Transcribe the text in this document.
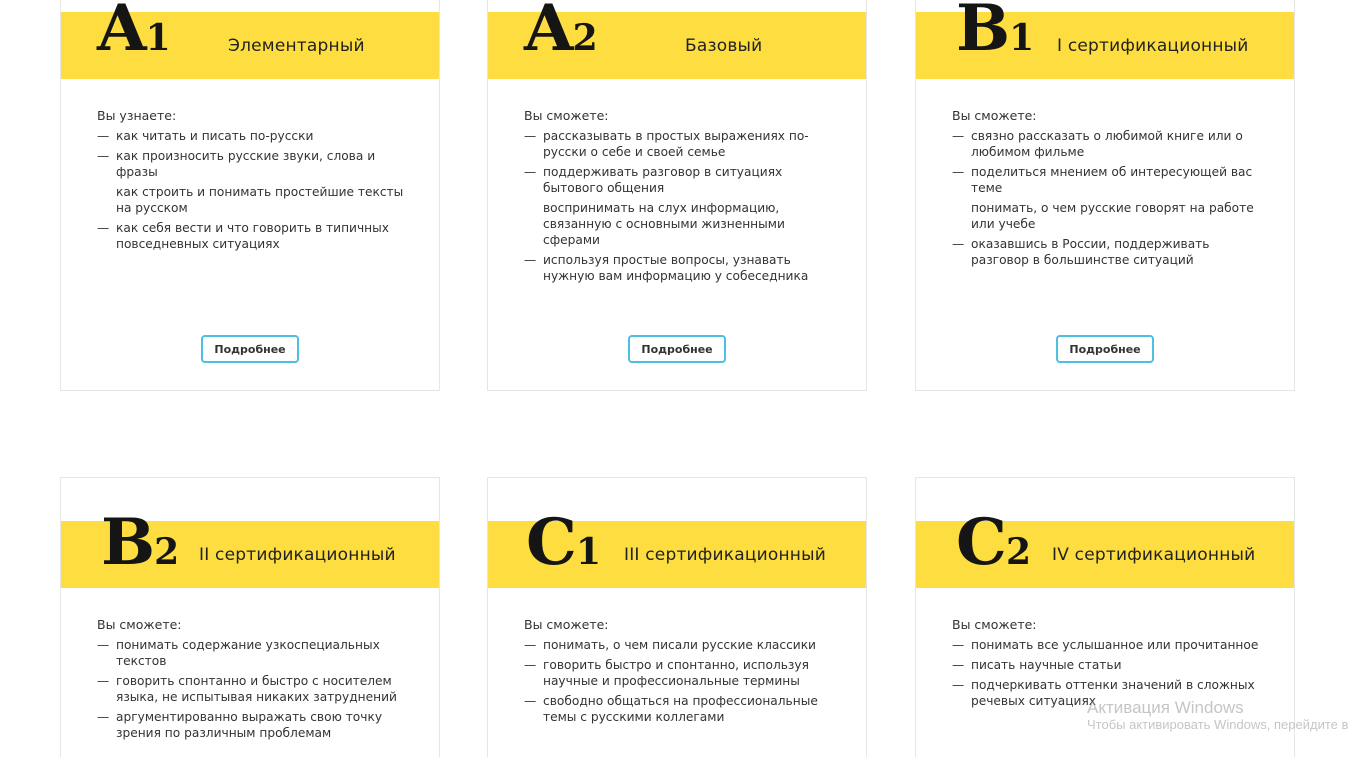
A1	Элементарный
Вы узнаете:
— как читать и писать по-русски
— как произносить русские звуки, слова и фразы
как строить и понимать простейшие тексты на русском
— как себя вести и что говорить в типичных повседневных ситуациях
Подробнее
A2	Базовый
Вы сможете:
— рассказывать в простых выражениях по-русски о себе и своей семье
— поддерживать разговор в ситуациях бытового общения
воспринимать на слух информацию, связанную с основными жизненными сферами
— используя простые вопросы, узнавать нужную вам информацию у собеседника
Подробнее
B1 I сертификационный
Вы сможете:
— связно рассказать о любимой книге или о любимом фильме
— поделиться мнением об интересующей вас теме
понимать, о чем русские говорят на работе или учебе
— оказавшись в России, поддерживать разговор в большинстве ситуаций
Подробнее
B2 II сертификационный
Вы сможете:
— понимать содержание узкоспециальных текстов
— говорить спонтанно и быстро с носителем языка, не испытывая никаких затруднений
— аргументированно выражать свою точку зрения по различным проблемам
C1 III сертификационный
Вы сможете:
— понимать, о чем писали русские классики
— говорить быстро и спонтанно, используя научные и профессиональные термины
— свободно общаться на профессиональные темы с русскими коллегами
C2 IV сертификационный
Вы сможете:
— понимать все услышанное или прочитанное
— писать научные статьи
— подчеркивать оттенки значений в сложных речевых ситуациях
Активация Windows
Чтобы активировать Windows, перейдите в
